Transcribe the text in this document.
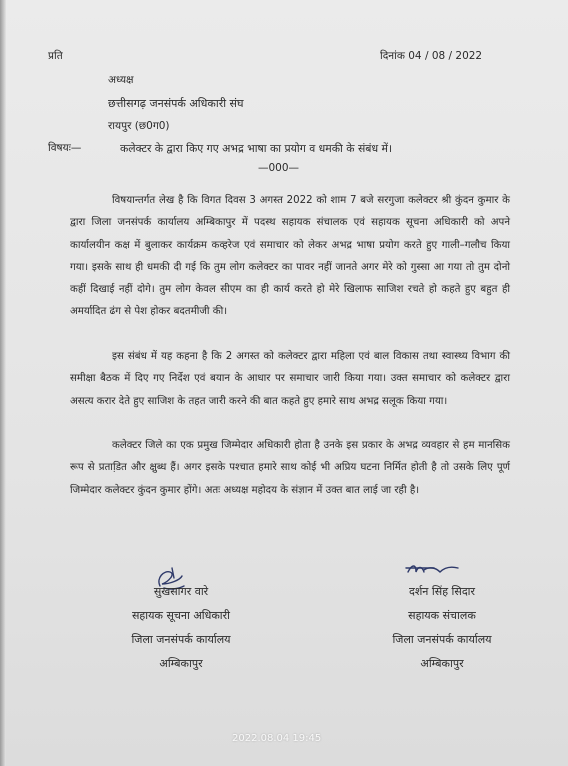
प्रति	दिनांक 04 / 08 / 2022
अध्यक्ष
छत्तीसगढ़ जनसंपर्क अधिकारी संघ
रायपुर (छ0ग0)
विषयः—	कलेक्टर के द्वारा किए गए अभद्र भाषा का प्रयोग व धमकी के संबंध में।
—000—
विषयान्तर्गत लेख है कि विगत दिवस 3 अगस्त 2022 को शाम 7 बजे सरगुजा कलेक्टर श्री कुंदन कुमार के द्वारा जिला जनसंपर्क कार्यालय अम्बिकापुर में पदस्थ सहायक संचालक एवं सहायक सूचना अधिकारी को अपने कार्यालयीन कक्ष में बुलाकर कार्यक्रम कव्हरेज एवं समाचार को लेकर अभद्र भाषा प्रयोग करते हुए गाली–गलौच किया गया। इसके साथ ही धमकी दी गई कि तुम लोग कलेक्टर का पावर नहीं जानते अगर मेरे को गुस्सा आ गया तो तुम दोनो कहीं दिखाई नहीं दोगे। तुम लोग केवल सीएम का ही कार्य करते हो मेरे खिलाफ साजिश रचते हो कहते हुए बहुत ही अमर्यादित ढंग से पेश होकर बदतमीजी की।
इस संबंध में यह कहना है कि 2 अगस्त को कलेक्टर द्वारा महिला एवं बाल विकास तथा स्वास्थ्य विभाग की समीक्षा बैठक में दिए गए निर्देश एवं बयान के आधार पर समाचार जारी किया गया। उक्त समाचार को कलेक्टर द्वारा असत्य करार देते हुए साजिश के तहत जारी करने की बात कहते हुए हमारे साथ अभद्र सलूक किया गया।
कलेक्टर जिले का एक प्रमुख जिम्मेदार अधिकारी होता है उनके इस प्रकार के अभद्र व्यवहार से हम मानसिक रूप से प्रताडि़त और क्षुब्ध हैं। अगर इसके पश्चात हमारे साथ कोई भी अप्रिय घटना निर्मित होती है तो उसके लिए पूर्ण जिम्मेदार कलेक्टर कुंदन कुमार होंगे। अतः अध्यक्ष महोदय के संज्ञान में उक्त बात लाई जा रही है।
सुखसागर वारे
सहायक सूचना अधिकारी
जिला जनसंपर्क कार्यालय
अम्बिकापुर
दर्शन सिंह सिदार
सहायक संचालक
जिला जनसंपर्क कार्यालय
अम्बिकापुर
2022.08.04 19:45
